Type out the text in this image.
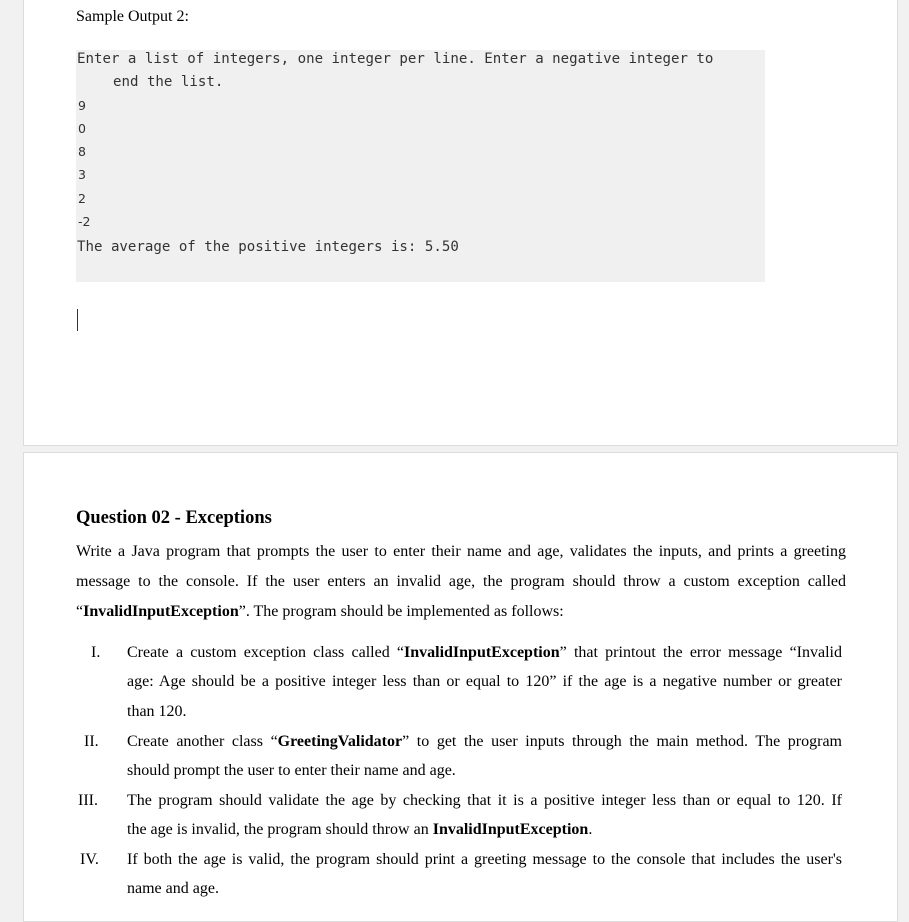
Sample Output 2:
Enter a list of integers, one integer per line. Enter a negative integer to
end the list.
9
0
8
3
2
-2
The average of the positive integers is: 5.50
Question 02 - Exceptions
Write a Java program that prompts the user to enter their name and age, validates the inputs, and prints a greeting
message to the console. If the user enters an invalid age, the program should throw a custom exception called
“InvalidInputException”. The program should be implemented as follows:
I. Create a custom exception class called “InvalidInputException” that printout the error message “Invalid
age: Age should be a positive integer less than or equal to 120” if the age is a negative number or greater
than 120.
II. Create another class “GreetingValidator” to get the user inputs through the main method. The program
should prompt the user to enter their name and age.
III. The program should validate the age by checking that it is a positive integer less than or equal to 120. If
the age is invalid, the program should throw an InvalidInputException.
IV. If both the age is valid, the program should print a greeting message to the console that includes the user's
name and age.
